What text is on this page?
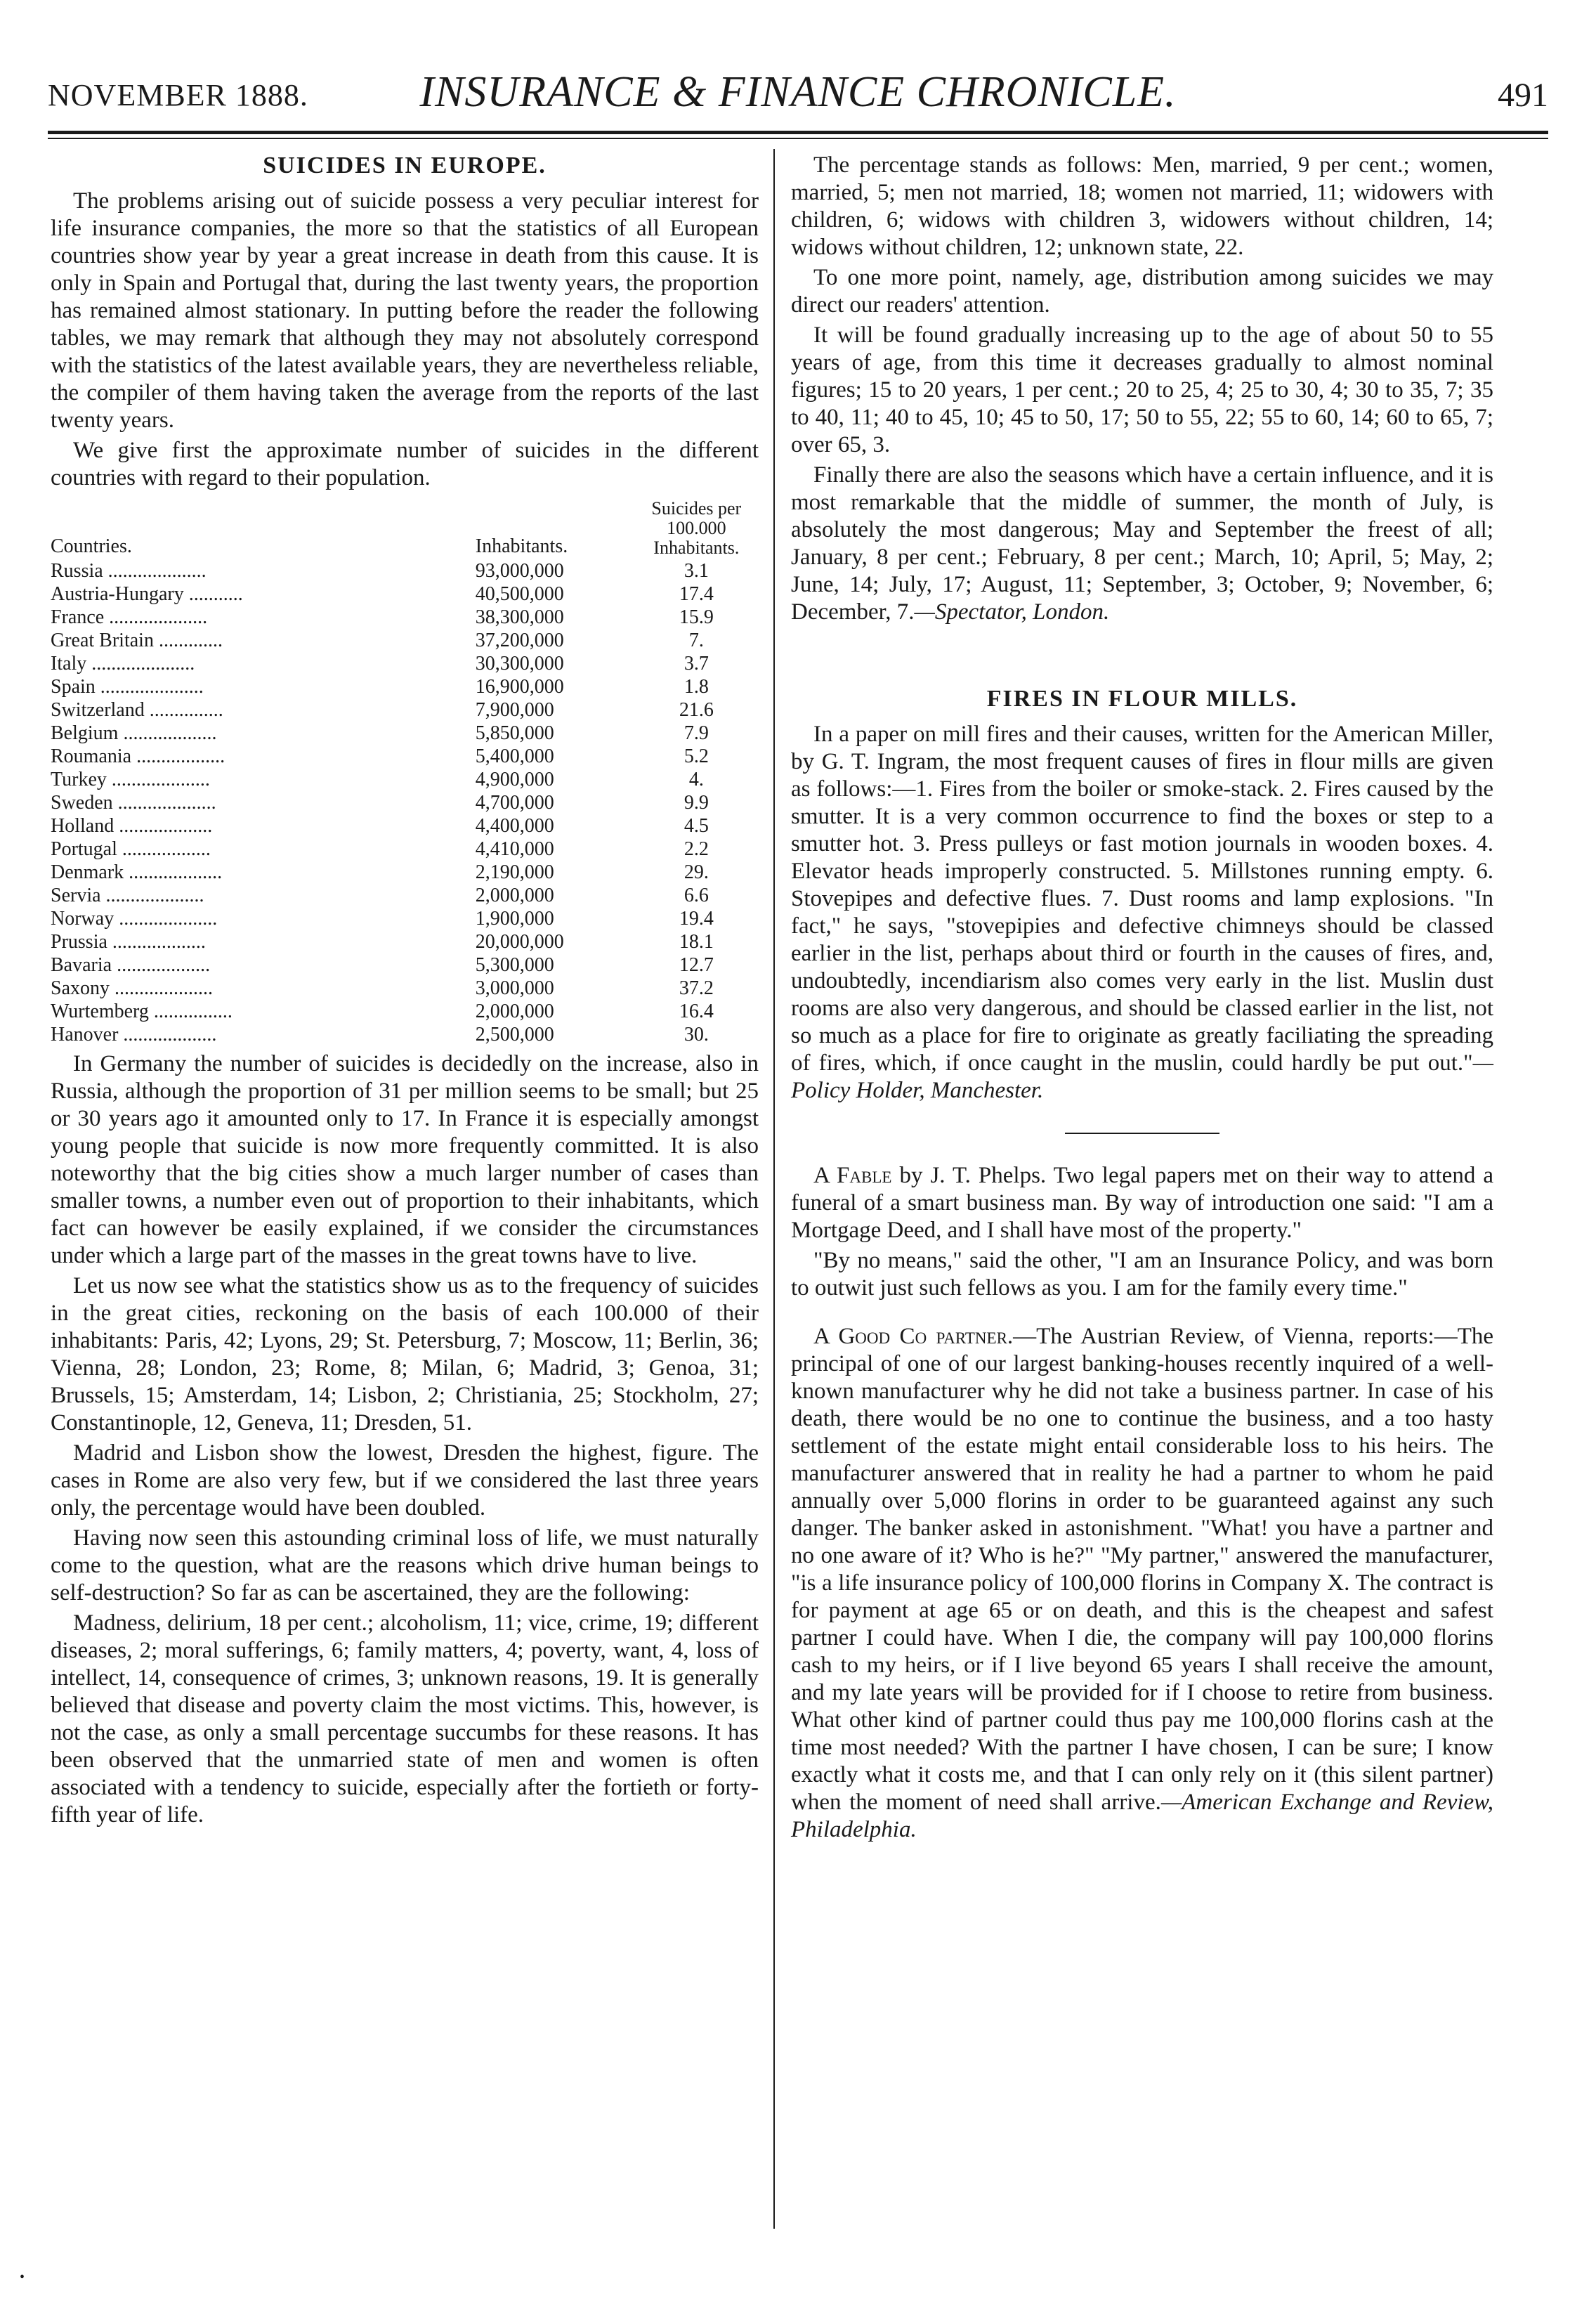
NOVEMBER 1888.	INSURANCE & FINANCE CHRONICLE.	491
SUICIDES IN EUROPE.

The problems arising out of suicide possess a very peculiar interest for life insurance companies, the more so that the statistics of all European countries show year by year a great increase in death from this cause. It is only in Spain and Portugal that, during the last twenty years, the proportion has remained almost stationary. In putting before the reader the following tables, we may remark that although they may not absolutely correspond with the statistics of the latest available years, they are nevertheless reliable, the compiler of them having taken the average from the reports of the last twenty years.

We give first the approximate number of suicides in the different countries with regard to their population.

Countries.	Inhabitants.	Suicides per 100.000 Inhabitants.
Russia ....................	93,000,000	3.1
Austria-Hungary ...........	40,500,000	17.4
France ....................	38,300,000	15.9
Great Britain .............	37,200,000	7.
Italy .....................	30,300,000	3.7
Spain .....................	16,900,000	1.8
Switzerland ...............	7,900,000	21.6
Belgium ...................	5,850,000	7.9
Roumania ..................	5,400,000	5.2
Turkey ....................	4,900,000	4.
Sweden ....................	4,700,000	9.9
Holland ...................	4,400,000	4.5
Portugal ..................	4,410,000	2.2
Denmark ...................	2,190,000	29.
Servia ....................	2,000,000	6.6
Norway ....................	1,900,000	19.4
Prussia ...................	20,000,000	18.1
Bavaria ...................	5,300,000	12.7
Saxony ....................	3,000,000	37.2
Wurtemberg ................	2,000,000	16.4
Hanover ...................	2,500,000	30.

In Germany the number of suicides is decidedly on the increase, also in Russia, although the proportion of 31 per million seems to be small; but 25 or 30 years ago it amounted only to 17. In France it is especially amongst young people that suicide is now more frequently committed. It is also noteworthy that the big cities show a much larger number of cases than smaller towns, a number even out of proportion to their inhabitants, which fact can however be easily explained, if we consider the circumstances under which a large part of the masses in the great towns have to live.

Let us now see what the statistics show us as to the frequency of suicides in the great cities, reckoning on the basis of each 100.000 of their inhabitants: Paris, 42; Lyons, 29; St. Petersburg, 7; Moscow, 11; Berlin, 36; Vienna, 28; London, 23; Rome, 8; Milan, 6; Madrid, 3; Genoa, 31; Brussels, 15; Amsterdam, 14; Lisbon, 2; Christiania, 25; Stockholm, 27; Constantinople, 12, Geneva, 11; Dresden, 51.

Madrid and Lisbon show the lowest, Dresden the highest, figure. The cases in Rome are also very few, but if we considered the last three years only, the percentage would have been doubled.

Having now seen this astounding criminal loss of life, we must naturally come to the question, what are the reasons which drive human beings to self-destruction? So far as can be ascertained, they are the following:

Madness, delirium, 18 per cent.; alcoholism, 11; vice, crime, 19; different diseases, 2; moral sufferings, 6; family matters, 4; poverty, want, 4, loss of intellect, 14, consequence of crimes, 3; unknown reasons, 19. It is generally believed that disease and poverty claim the most victims. This, however, is not the case, as only a small percentage succumbs for these reasons. It has been observed that the unmarried state of men and women is often associated with a tendency to suicide, especially after the fortieth or forty-fifth year of life.

The percentage stands as follows: Men, married, 9 per cent.; women, married, 5; men not married, 18; women not married, 11; widowers with children, 6; widows with children 3, widowers without children, 14; widows without children, 12; unknown state, 22.

To one more point, namely, age, distribution among suicides we may direct our readers' attention.

It will be found gradually increasing up to the age of about 50 to 55 years of age, from this time it decreases gradually to almost nominal figures; 15 to 20 years, 1 per cent.; 20 to 25, 4; 25 to 30, 4; 30 to 35, 7; 35 to 40, 11; 40 to 45, 10; 45 to 50, 17; 50 to 55, 22; 55 to 60, 14; 60 to 65, 7; over 65, 3.

Finally there are also the seasons which have a certain influence, and it is most remarkable that the middle of summer, the month of July, is absolutely the most dangerous; May and September the freest of all; January, 8 per cent.; February, 8 per cent.; March, 10; April, 5; May, 2; June, 14; July, 17; August, 11; September, 3; October, 9; November, 6; December, 7.—Spectator, London.

FIRES IN FLOUR MILLS.

In a paper on mill fires and their causes, written for the American Miller, by G. T. Ingram, the most frequent causes of fires in flour mills are given as follows:—1. Fires from the boiler or smoke-stack. 2. Fires caused by the smutter. It is a very common occurrence to find the boxes or step to a smutter hot. 3. Press pulleys or fast motion journals in wooden boxes. 4. Elevator heads improperly constructed. 5. Millstones running empty. 6. Stovepipes and defective flues. 7. Dust rooms and lamp explosions. "In fact," he says, "stovepipies and defective chimneys should be classed earlier in the list, perhaps about third or fourth in the causes of fires, and, undoubtedly, incendiarism also comes very early in the list. Muslin dust rooms are also very dangerous, and should be classed earlier in the list, not so much as a place for fire to originate as greatly faciliating the spreading of fires, which, if once caught in the muslin, could hardly be put out."—Policy Holder, Manchester.

A Fable by J. T. Phelps. Two legal papers met on their way to attend a funeral of a smart business man. By way of introduction one said: "I am a Mortgage Deed, and I shall have most of the property."

"By no means," said the other, "I am an Insurance Policy, and was born to outwit just such fellows as you. I am for the family every time."

A Good Co partner.—The Austrian Review, of Vienna, reports:—The principal of one of our largest banking-houses recently inquired of a well-known manufacturer why he did not take a business partner. In case of his death, there would be no one to continue the business, and a too hasty settlement of the estate might entail considerable loss to his heirs. The manufacturer answered that in reality he had a partner to whom he paid annually over 5,000 florins in order to be guaranteed against any such danger. The banker asked in astonishment. "What! you have a partner and no one aware of it? Who is he?" "My partner," answered the manufacturer, "is a life insurance policy of 100,000 florins in Company X. The contract is for payment at age 65 or on death, and this is the cheapest and safest partner I could have. When I die, the company will pay 100,000 florins cash to my heirs, or if I live beyond 65 years I shall receive the amount, and my late years will be provided for if I choose to retire from business. What other kind of partner could thus pay me 100,000 florins cash at the time most needed? With the partner I have chosen, I can be sure; I know exactly what it costs me, and that I can only rely on it (this silent partner) when the moment of need shall arrive.—American Exchange and Review, Philadelphia.

•
